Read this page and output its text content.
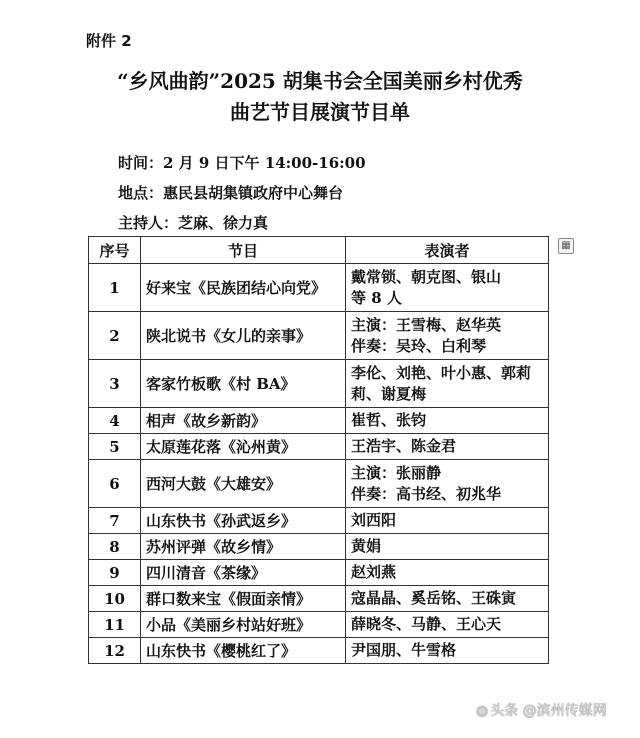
附件 2
“乡风曲韵”2025 胡集书会全国美丽乡村优秀
曲艺节目展演节目单
时间：2 月 9 日下午 14:00-16:00
地点：惠民县胡集镇政府中心舞台
主持人：芝麻、徐力真
▦
序号	节目	表演者
1	好来宝《民族团结心向党》	戴常锁、朝克图、银山
等 8 人

2	陕北说书《女儿的亲事》	主演：王雪梅、赵华英
伴奏：吴玲、白利琴

3	客家竹板歌《村 BA》	李伦、刘艳、叶小惠、郭莉
莉、谢夏梅

4	相声《故乡新韵》	崔哲、张钧

5	太原莲花落《沁州黄》	王浩宇、陈金君

6	西河大鼓《大雄安》	主演：张丽静
伴奏：高书经、初兆华

7	山东快书《孙武返乡》	刘西阳

8	苏州评弹《故乡情》	黄娟

9	四川清音《茶缘》	赵刘燕

10	群口数来宝《假面亲情》	寇晶晶、奚岳铭、王硃寅

11	小品《美丽乡村站好班》	薛晓冬、马静、王心天

12	山东快书《樱桃红了》	尹国朋、牛雪格
◉ 头条 @滨州传媒网
